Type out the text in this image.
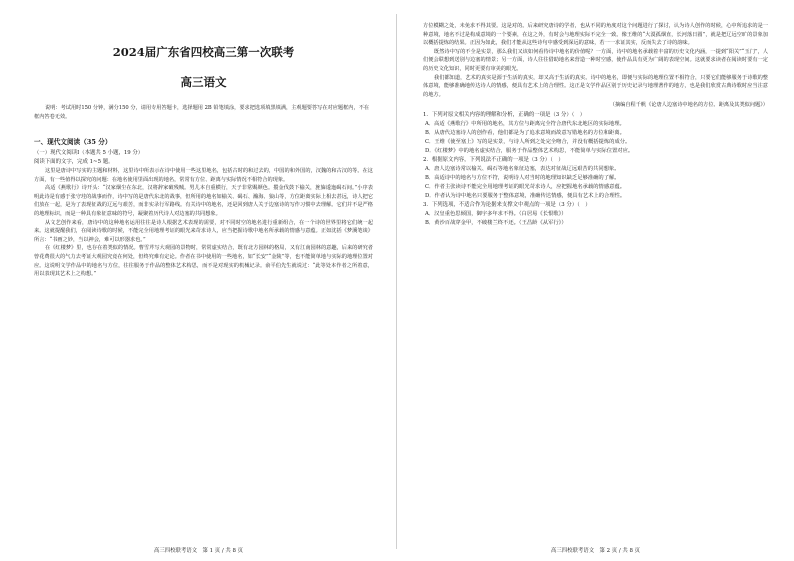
2024届广东省四校高三第一次联考
高三语文
说明：考试用时150 分钟，满分150 分，请用专用答题卡，选择题用 2B 铅笔填涂，要求把选项填黑填满，主观题要答写在对应题框内，不在框内答卷无效。
一、现代文阅读（35 分）
（一）现代文阅读Ⅰ（本题共 5 小题，19 分）
阅读下面的文字，完成 1~5 题。

这里是唐诗中写实的主题和材料，这里诗中所表示在诗中使用一些这里地名，包括古时的和过去的，中国的和外国的，汉魏的和古汉的等。在这方面，有一些值得以探究的问题：在地名使用里面出现的地名，常常有方位、距离与实际情况不相符合的现象。

高适《燕歌行》诗开头：“汉家烟尘在东北，汉将辞家破残贼。男儿本自重横行，天子非常赐颜色。摐金伐鼓下榆关，旌旆逶迤碣石间。”小序表明此诗是有感于张守珪的战事而作，诗中写的是唐代东北的战事，但所用的地名如榆关、碣石、瀚海、狼山等，方位距离实际上相去甚远，诗人把它们放在一起，是为了表现征战的辽远与艰苦，而非实录行军路线。有关诗中的地名，还是回到唐人关于边塞诗的写作习惯中去理解。它们并不是严格的地理标识，而是一种具有象征意味的符号，凝聚着历代诗人对边塞的共同想象。

从文艺创作来看，唐诗中的这种地名运用往往是诗人根据艺术表现的需要，对不同时空的地名进行重新组合，在一个诗的世界里将它们统一起来。这就提醒我们，在阅读诗歌的时候，不能完全用地理考证的眼光来苛求诗人，应当把握诗歌中地名所承载的情感与意蕴。正如沈括《梦溪笔谈》所言：“书画之妙，当以神会，难可以形器求也。”

在《红楼梦》里，也存在着类似的情况。曹雪芹写大观园的景物时，常常虚实结合，既有北方园林的格局，又有江南园林的意趣，后来的研究者曾花费很大的气力去考证大观园究竟在何处，但终究难有定论。作者在书中使用的一些地名，如“长安”“金陵”等，也不能简单地与实际的地理位置对应。这说明文学作品中的地名与方位，往往服务于作品的整体艺术构思，而不是对现实的机械记录。俞平伯先生就说过：“此等处本作者之所着意，用以表现其艺术上之构想。”

高三四校联考语文　第 1 页 / 共 8 页

方位模糊之处，未免求不得其要。这是对的。后来研究唐诗的学者，也从不同的角度对这个问题进行了探讨，认为诗人创作的时候，心中所追求的是一种意境，地名不过是构成意境的一个要素，在这之外，有时会与地理实际不完全一致。像王维的“大漠孤烟直，长河落日圆”，就是把辽远空旷的景象加以概括提炼的结果。正因为如此，我们才能从这些诗句中感受到深远的意味，若一一求证其实，反而失去了诗的韵味。

既然诗中写的不全是实景，那么我们又该如何看待诗中地名的价值呢？一方面，诗中的地名承载着丰富的历史文化内涵，一提到“阳关”“玉门”，人们便会联想到送别与边塞的情景；另一方面，诗人往往借助地名来营造一种时空感，使作品具有更为广阔的表现空间。这就要求读者在阅读时要有一定的历史文化知识，同时更要有审美的眼光。

我们都知道，艺术的真实是源于生活的真实，却又高于生活的真实。诗中的地名，即便与实际的地理位置不相符合，只要它们能够服务于诗歌的整体意境，能够准确地传达诗人的情感，便具有艺术上的合理性。这正是文学作品区别于历史记录与地理著作的地方，也是我们欣赏古典诗歌时应当注意的地方。

（摘编自程千帆《论唐人边塞诗中地名的方位、距离及其类似问题》）
1．下列对原文相关内容的理解和分析，正确的一项是（3 分）（　）
A．高适《燕歌行》中所用的地名，其方位与距离完全符合唐代东北地区的实际地理。
B．从唐代边塞诗人的创作看，他们都是为了追求意境而故意写错地名的方位和距离。
C．王维《使至塞上》写的是实景，与诗人所到之处完全吻合，并没有概括提炼的成分。
D．《红楼梦》中的地名虚实结合，服务于作品整体艺术构思，不能简单与实际位置对应。
2．根据原文内容，下列说法不正确的一项是（3 分）（　）
A．唐人边塞诗常以榆关、碣石等地名象征边塞，表达对征战辽远艰苦的共同想象。
B．高适诗中的地名与方位不符，说明诗人对当时的地理知识缺乏足够准确的了解。
C．作者主张读诗不能完全用地理考证的眼光苛求诗人，应把握地名承载的情感意蕴。
D．作者认为诗中地名只要服务于整体意境，准确传达情感，便具有艺术上的合理性。
3．下列选项，不适合作为论据来支撑文中观点的一项是（3 分）（　）
A．汉皇重色思倾国，御宇多年求不得。（白居易《长恨歌》）
B．黄沙百战穿金甲，不破楼兰终不还。（王昌龄《从军行》）
高三四校联考语文　第 2 页 / 共 8 页
